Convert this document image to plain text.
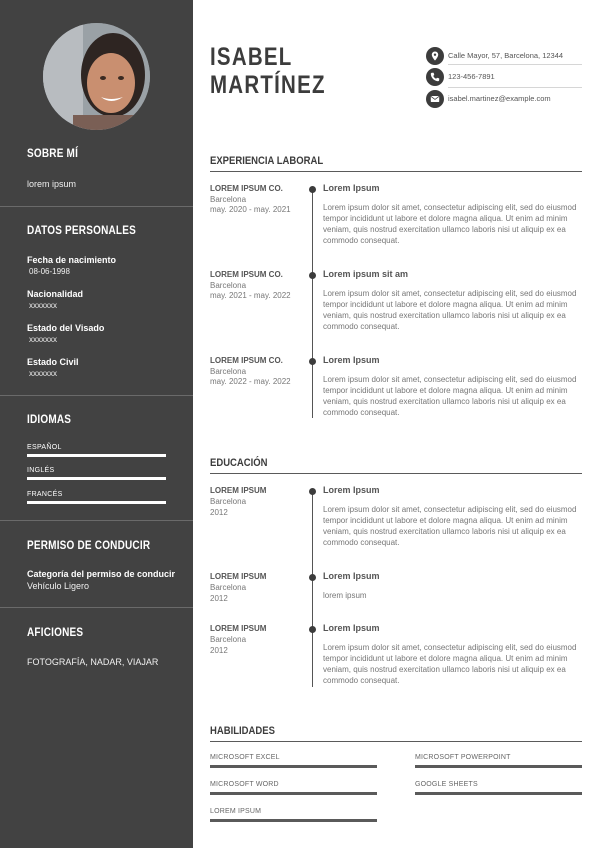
SOBRE MÍ
lorem ipsum
DATOS PERSONALES
Fecha de nacimiento
08-06-1998
Nacionalidad
xxxxxxx
Estado del Visado
xxxxxxx
Estado Civil
xxxxxxx
IDIOMAS
ESPAÑOL
INGLÉS
FRANCÉS
PERMISO DE CONDUCIR
Categoría del permiso de conducir
Vehículo Ligero
AFICIONES
FOTOGRAFÍA, NADAR, VIAJAR
ISABEL
MARTÍNEZ
Calle Mayor, 57, Barcelona, 12344
123-456-7891
isabel.martinez@example.com
EXPERIENCIA LABORAL
LOREM IPSUM CO.
Barcelona
may. 2020 - may. 2021
Lorem Ipsum
Lorem ipsum dolor sit amet, consectetur adipiscing elit, sed do eiusmod tempor incididunt ut labore et dolore magna aliqua. Ut enim ad minim veniam, quis nostrud exercitation ullamco laboris nisi ut aliquip ex ea commodo consequat.
LOREM IPSUM CO.
Barcelona
may. 2021 - may. 2022
Lorem ipsum sit am
Lorem ipsum dolor sit amet, consectetur adipiscing elit, sed do eiusmod tempor incididunt ut labore et dolore magna aliqua. Ut enim ad minim veniam, quis nostrud exercitation ullamco laboris nisi ut aliquip ex ea commodo consequat.
LOREM IPSUM CO.
Barcelona
may. 2022 - may. 2022
Lorem Ipsum
Lorem ipsum dolor sit amet, consectetur adipiscing elit, sed do eiusmod tempor incididunt ut labore et dolore magna aliqua. Ut enim ad minim veniam, quis nostrud exercitation ullamco laboris nisi ut aliquip ex ea commodo consequat.
EDUCACIÓN
LOREM IPSUM
Barcelona
2012
Lorem Ipsum
Lorem ipsum dolor sit amet, consectetur adipiscing elit, sed do eiusmod tempor incididunt ut labore et dolore magna aliqua. Ut enim ad minim veniam, quis nostrud exercitation ullamco laboris nisi ut aliquip ex ea commodo consequat.
LOREM IPSUM
Barcelona
2012
Lorem Ipsum
lorem ipsum
LOREM IPSUM
Barcelona
2012
Lorem Ipsum
Lorem ipsum dolor sit amet, consectetur adipiscing elit, sed do eiusmod tempor incididunt ut labore et dolore magna aliqua. Ut enim ad minim veniam, quis nostrud exercitation ullamco laboris nisi ut aliquip ex ea commodo consequat.
HABILIDADES
MICROSOFT EXCEL	MICROSOFT POWERPOINT
MICROSOFT WORD	GOOGLE SHEETS
LOREM IPSUM
